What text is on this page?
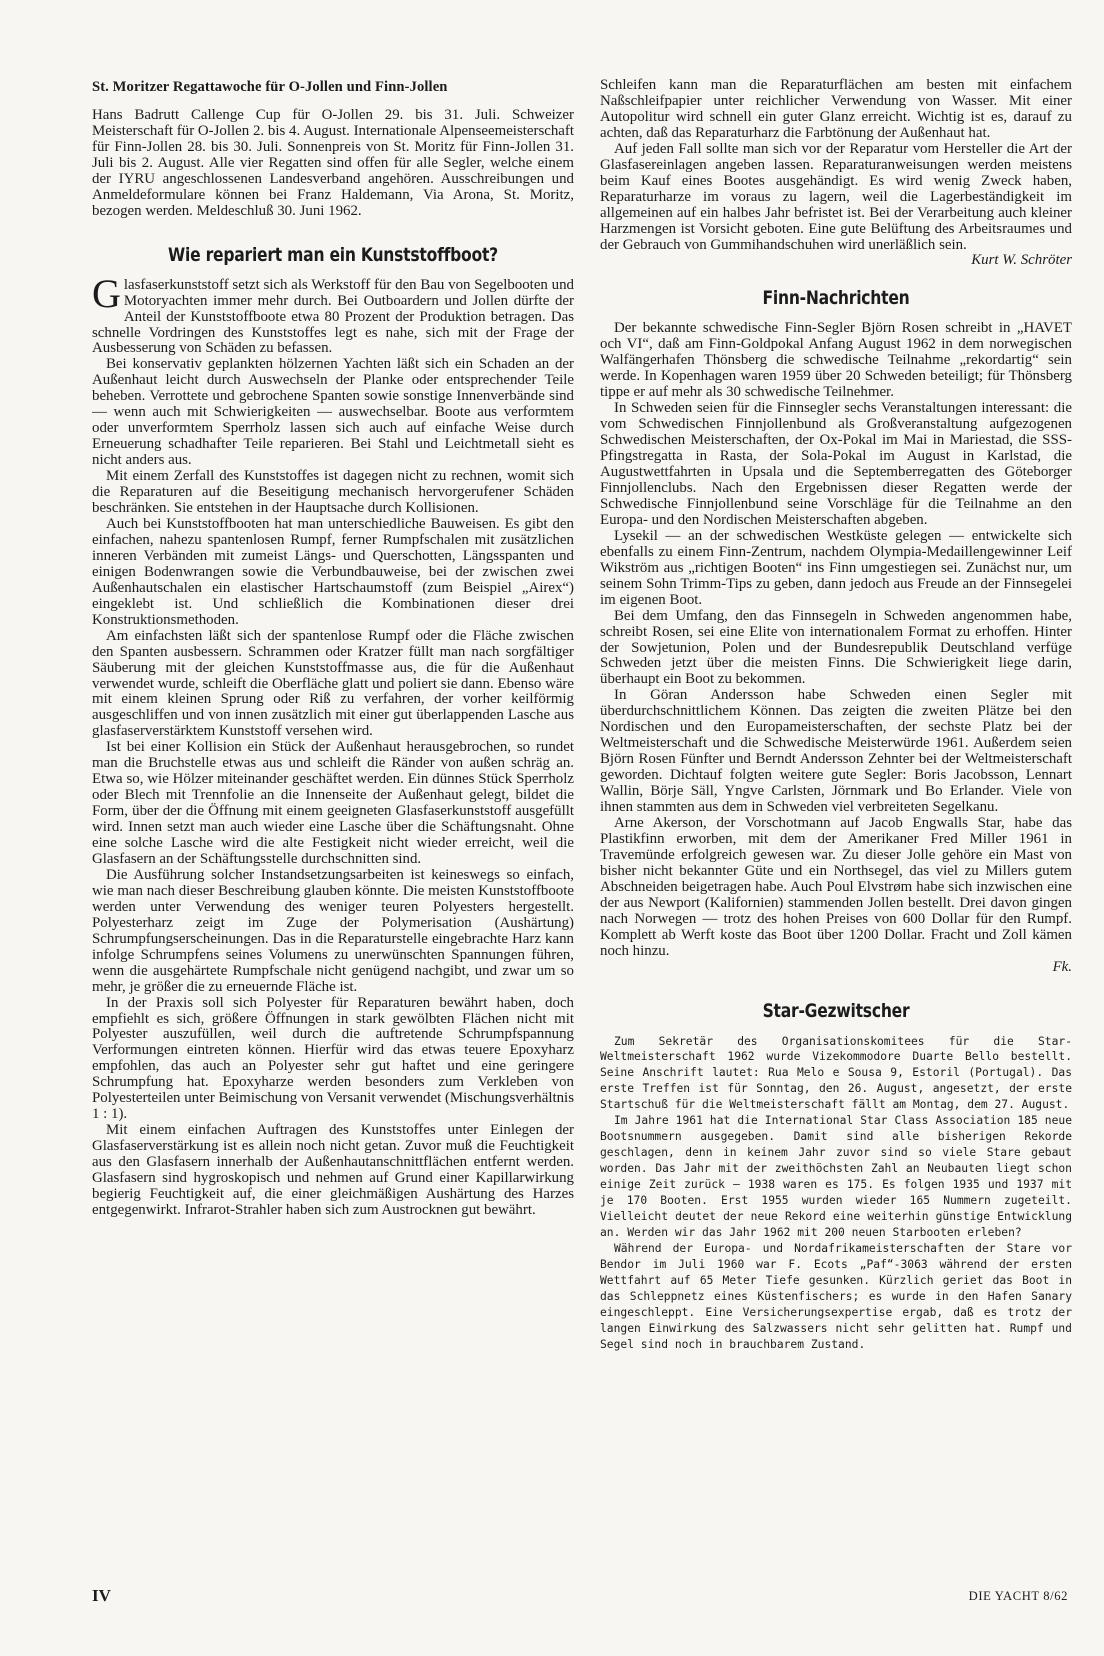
St. Moritzer Regattawoche für O-Jollen und Finn-Jollen

Hans Badrutt Callenge Cup für O-Jollen 29. bis 31. Juli. Schweizer Meisterschaft für O-Jollen 2. bis 4. August. Internationale Alpenseemeisterschaft für Finn-Jollen 28. bis 30. Juli. Sonnenpreis von St. Moritz für Finn-Jollen 31. Juli bis 2. August. Alle vier Regatten sind offen für alle Segler, welche einem der IYRU angeschlossenen Landesverband angehören. Ausschreibungen und Anmeldeformulare können bei Franz Haldemann, Via Arona, St. Moritz, bezogen werden. Meldeschluß 30. Juni 1962.

Wie repariert man ein Kunststoffboot?

Glasfaserkunststoff setzt sich als Werkstoff für den Bau von Segelbooten und Motoryachten immer mehr durch. Bei Outboardern und Jollen dürfte der Anteil der Kunststoffboote etwa 80 Prozent der Produktion betragen. Das schnelle Vordringen des Kunststoffes legt es nahe, sich mit der Frage der Ausbesserung von Schäden zu befassen.

Bei konservativ geplankten hölzernen Yachten läßt sich ein Schaden an der Außenhaut leicht durch Auswechseln der Planke oder entsprechender Teile beheben. Verrottete und gebrochene Spanten sowie sonstige Innenverbände sind — wenn auch mit Schwierigkeiten — auswechselbar. Boote aus verformtem oder unverformtem Sperrholz lassen sich auch auf einfache Weise durch Erneuerung schadhafter Teile reparieren. Bei Stahl und Leichtmetall sieht es nicht anders aus.

Mit einem Zerfall des Kunststoffes ist dagegen nicht zu rechnen, womit sich die Reparaturen auf die Beseitigung mechanisch hervorgerufener Schäden beschränken. Sie entstehen in der Hauptsache durch Kollisionen.

Auch bei Kunststoffbooten hat man unterschiedliche Bauweisen. Es gibt den einfachen, nahezu spantenlosen Rumpf, ferner Rumpfschalen mit zusätzlichen inneren Verbänden mit zumeist Längs- und Querschotten, Längsspanten und einigen Bodenwrangen sowie die Verbundbauweise, bei der zwischen zwei Außenhautschalen ein elastischer Hartschaumstoff (zum Beispiel „Airex“) eingeklebt ist. Und schließlich die Kombinationen dieser drei Konstruktionsmethoden.

Am einfachsten läßt sich der spantenlose Rumpf oder die Fläche zwischen den Spanten ausbessern. Schrammen oder Kratzer füllt man nach sorgfältiger Säuberung mit der gleichen Kunststoffmasse aus, die für die Außenhaut verwendet wurde, schleift die Oberfläche glatt und poliert sie dann. Ebenso wäre mit einem kleinen Sprung oder Riß zu verfahren, der vorher keilförmig ausgeschliffen und von innen zusätzlich mit einer gut überlappenden Lasche aus glasfaserverstärktem Kunststoff versehen wird.

Ist bei einer Kollision ein Stück der Außenhaut herausgebrochen, so rundet man die Bruchstelle etwas aus und schleift die Ränder von außen schräg an. Etwa so, wie Hölzer miteinander geschäftet werden. Ein dünnes Stück Sperrholz oder Blech mit Trennfolie an die Innenseite der Außenhaut gelegt, bildet die Form, über der die Öffnung mit einem geeigneten Glasfaserkunststoff ausgefüllt wird. Innen setzt man auch wieder eine Lasche über die Schäftungsnaht. Ohne eine solche Lasche wird die alte Festigkeit nicht wieder erreicht, weil die Glasfasern an der Schäftungsstelle durchschnitten sind.

Die Ausführung solcher Instandsetzungsarbeiten ist keineswegs so einfach, wie man nach dieser Beschreibung glauben könnte. Die meisten Kunststoffboote werden unter Verwendung des weniger teuren Polyesters hergestellt. Polyesterharz zeigt im Zuge der Polymerisation (Aushärtung) Schrumpfungserscheinungen. Das in die Reparaturstelle eingebrachte Harz kann infolge Schrumpfens seines Volumens zu unerwünschten Spannungen führen, wenn die ausgehärtete Rumpfschale nicht genügend nachgibt, und zwar um so mehr, je größer die zu erneuernde Fläche ist.

In der Praxis soll sich Polyester für Reparaturen bewährt haben, doch empfiehlt es sich, größere Öffnungen in stark gewölbten Flächen nicht mit Polyester auszufüllen, weil durch die auftretende Schrumpfspannung Verformungen eintreten können. Hierfür wird das etwas teuere Epoxyharz empfohlen, das auch an Polyester sehr gut haftet und eine geringere Schrumpfung hat. Epoxyharze werden besonders zum Verkleben von Polyesterteilen unter Beimischung von Versanit verwendet (Mischungsverhältnis 1 : 1).

Mit einem einfachen Auftragen des Kunststoffes unter Einlegen der Glasfaserverstärkung ist es allein noch nicht getan. Zuvor muß die Feuchtigkeit aus den Glasfasern innerhalb der Außenhautanschnittflächen entfernt werden. Glasfasern sind hygroskopisch und nehmen auf Grund einer Kapillarwirkung begierig Feuchtigkeit auf, die einer gleichmäßigen Aushärtung des Harzes entgegenwirkt. Infrarot-Strahler haben sich zum Austrocknen gut bewährt.

Schleifen kann man die Reparaturflächen am besten mit einfachem Naßschleifpapier unter reichlicher Verwendung von Wasser. Mit einer Autopolitur wird schnell ein guter Glanz erreicht. Wichtig ist es, darauf zu achten, daß das Reparaturharz die Farbtönung der Außenhaut hat.

Auf jeden Fall sollte man sich vor der Reparatur vom Hersteller die Art der Glasfasereinlagen angeben lassen. Reparaturanweisungen werden meistens beim Kauf eines Bootes ausgehändigt. Es wird wenig Zweck haben, Reparaturharze im voraus zu lagern, weil die Lagerbeständigkeit im allgemeinen auf ein halbes Jahr befristet ist. Bei der Verarbeitung auch kleiner Harzmengen ist Vorsicht geboten. Eine gute Belüftung des Arbeitsraumes und der Gebrauch von Gummihandschuhen wird unerläßlich sein.

Kurt W. Schröter

Finn-Nachrichten

Der bekannte schwedische Finn-Segler Björn Rosen schreibt in „HAVET och VI“, daß am Finn-Goldpokal Anfang August 1962 in dem norwegischen Walfängerhafen Thönsberg die schwedische Teilnahme „rekordartig“ sein werde. In Kopenhagen waren 1959 über 20 Schweden beteiligt; für Thönsberg tippe er auf mehr als 30 schwedische Teilnehmer.

In Schweden seien für die Finnsegler sechs Veranstaltungen interessant: die vom Schwedischen Finnjollenbund als Großveranstaltung aufgezogenen Schwedischen Meisterschaften, der Ox-Pokal im Mai in Mariestad, die SSS-Pfingstregatta in Rasta, der Sola-Pokal im August in Karlstad, die Augustwettfahrten in Upsala und die Septemberregatten des Göteborger Finnjollenclubs. Nach den Ergebnissen dieser Regatten werde der Schwedische Finnjollenbund seine Vorschläge für die Teilnahme an den Europa- und den Nordischen Meisterschaften abgeben.

Lysekil — an der schwedischen Westküste gelegen — entwickelte sich ebenfalls zu einem Finn-Zentrum, nachdem Olympia-Medaillengewinner Leif Wikström aus „richtigen Booten“ ins Finn umgestiegen sei. Zunächst nur, um seinem Sohn Trimm-Tips zu geben, dann jedoch aus Freude an der Finnsegelei im eigenen Boot.

Bei dem Umfang, den das Finnsegeln in Schweden angenommen habe, schreibt Rosen, sei eine Elite von internationalem Format zu erhoffen. Hinter der Sowjetunion, Polen und der Bundesrepublik Deutschland verfüge Schweden jetzt über die meisten Finns. Die Schwierigkeit liege darin, überhaupt ein Boot zu bekommen.

In Göran Andersson habe Schweden einen Segler mit überdurchschnittlichem Können. Das zeigten die zweiten Plätze bei den Nordischen und den Europameisterschaften, der sechste Platz bei der Weltmeisterschaft und die Schwedische Meisterwürde 1961. Außerdem seien Björn Rosen Fünfter und Berndt Andersson Zehnter bei der Weltmeisterschaft geworden. Dichtauf folgten weitere gute Segler: Boris Jacobsson, Lennart Wallin, Börje Säll, Yngve Carlsten, Jörnmark und Bo Erlander. Viele von ihnen stammten aus dem in Schweden viel verbreiteten Segelkanu.

Arne Akerson, der Vorschotmann auf Jacob Engwalls Star, habe das Plastikfinn erworben, mit dem der Amerikaner Fred Miller 1961 in Travemünde erfolgreich gewesen war. Zu dieser Jolle gehöre ein Mast von bisher nicht bekannter Güte und ein Northsegel, das viel zu Millers gutem Abschneiden beigetragen habe. Auch Poul Elvstrøm habe sich inzwischen eine der aus Newport (Kalifornien) stammenden Jollen bestellt. Drei davon gingen nach Norwegen — trotz des hohen Preises von 600 Dollar für den Rumpf. Komplett ab Werft koste das Boot über 1200 Dollar. Fracht und Zoll kämen noch hinzu.

Fk.

Star-Gezwitscher

Zum Sekretär des Organisationskomitees für die Star-Weltmeisterschaft 1962 wurde Vizekommodore Duarte Bello bestellt. Seine Anschrift lautet: Rua Melo e Sousa 9, Estoril (Portugal). Das erste Treffen ist für Sonntag, den 26. August, angesetzt, der erste Startschuß für die Weltmeisterschaft fällt am Montag, dem 27. August.

Im Jahre 1961 hat die International Star Class Association 185 neue Bootsnummern ausgegeben. Damit sind alle bisherigen Rekorde geschlagen, denn in keinem Jahr zuvor sind so viele Stare gebaut worden. Das Jahr mit der zweithöchsten Zahl an Neubauten liegt schon einige Zeit zurück — 1938 waren es 175. Es folgen 1935 und 1937 mit je 170 Booten. Erst 1955 wurden wieder 165 Nummern zugeteilt. Vielleicht deutet der neue Rekord eine weiterhin günstige Entwicklung an. Werden wir das Jahr 1962 mit 200 neuen Starbooten erleben?

Während der Europa- und Nordafrikameisterschaften der Stare vor Bendor im Juli 1960 war F. Ecots „Paf“-3063 während der ersten Wettfahrt auf 65 Meter Tiefe gesunken. Kürzlich geriet das Boot in das Schleppnetz eines Küstenfischers; es wurde in den Hafen Sanary eingeschleppt. Eine Versicherungsexpertise ergab, daß es trotz der langen Einwirkung des Salzwassers nicht sehr gelitten hat. Rumpf und Segel sind noch in brauchbarem Zustand.

IV	DIE YACHT 8/62
